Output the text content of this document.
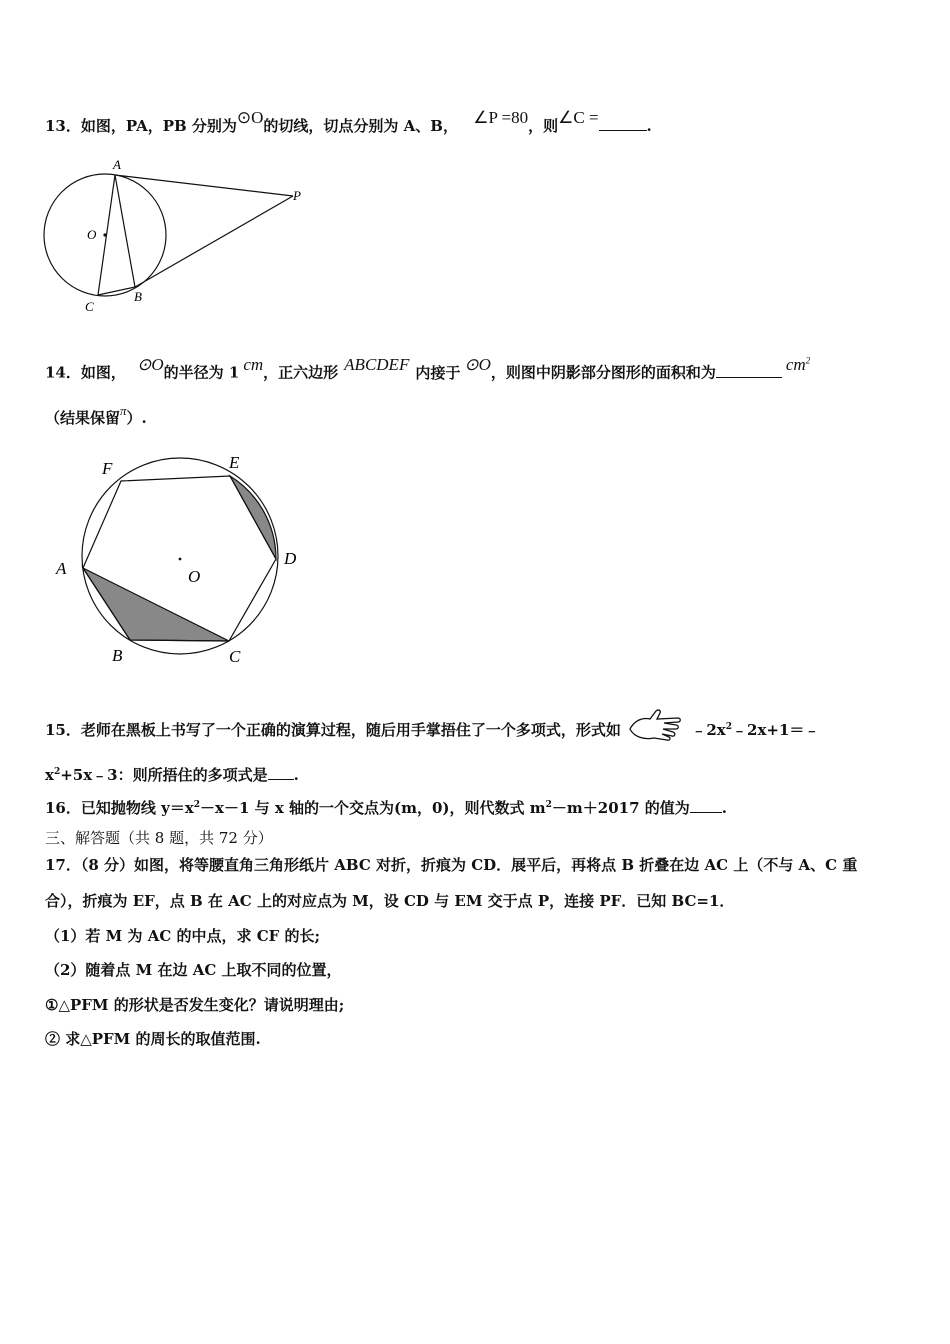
13．如图，PA，PB 分别为⊙O的切线，切点分别为 A、B， ∠P =80，则∠C =	.
A
P
O
B
C
14．如图， ⊙O的半径为 1 cm，正六边形 ABCDEF 内接于 ⊙O，则图中阴影部分图形的面积和为	$cm^2$
（结果保留π）.
F	E
A
D
O
B	C
15．老师在黑板上书写了一个正确的演算过程，随后用手掌捂住了一个多项式，形式如	$﹣2x^2﹣2x+1=﹣$
$x^2+5x﹣3$：则所捂住的多项式是 .
16．已知抛物线 $y=x^2-x-1$ 与 x 轴的一个交点为(m，0)，则代数式 $m^2-m+2017$ 的值为 .
三、解答题（共 8 题，共 72 分）
17．（8 分）如图，将等腰直角三角形纸片 ABC 对折，折痕为 CD．展平后，再将点 B 折叠在边 AC 上（不与 A、C 重
合），折痕为 EF，点 B 在 AC 上的对应点为 M，设 CD 与 EM 交于点 P，连接 PF．已知 BC=1．
（1）若 M 为 AC 的中点，求 CF 的长;
（2）随着点 M 在边 AC 上取不同的位置，
①△PFM 的形状是否发生变化？请说明理由;
② 求△PFM 的周长的取值范围.
